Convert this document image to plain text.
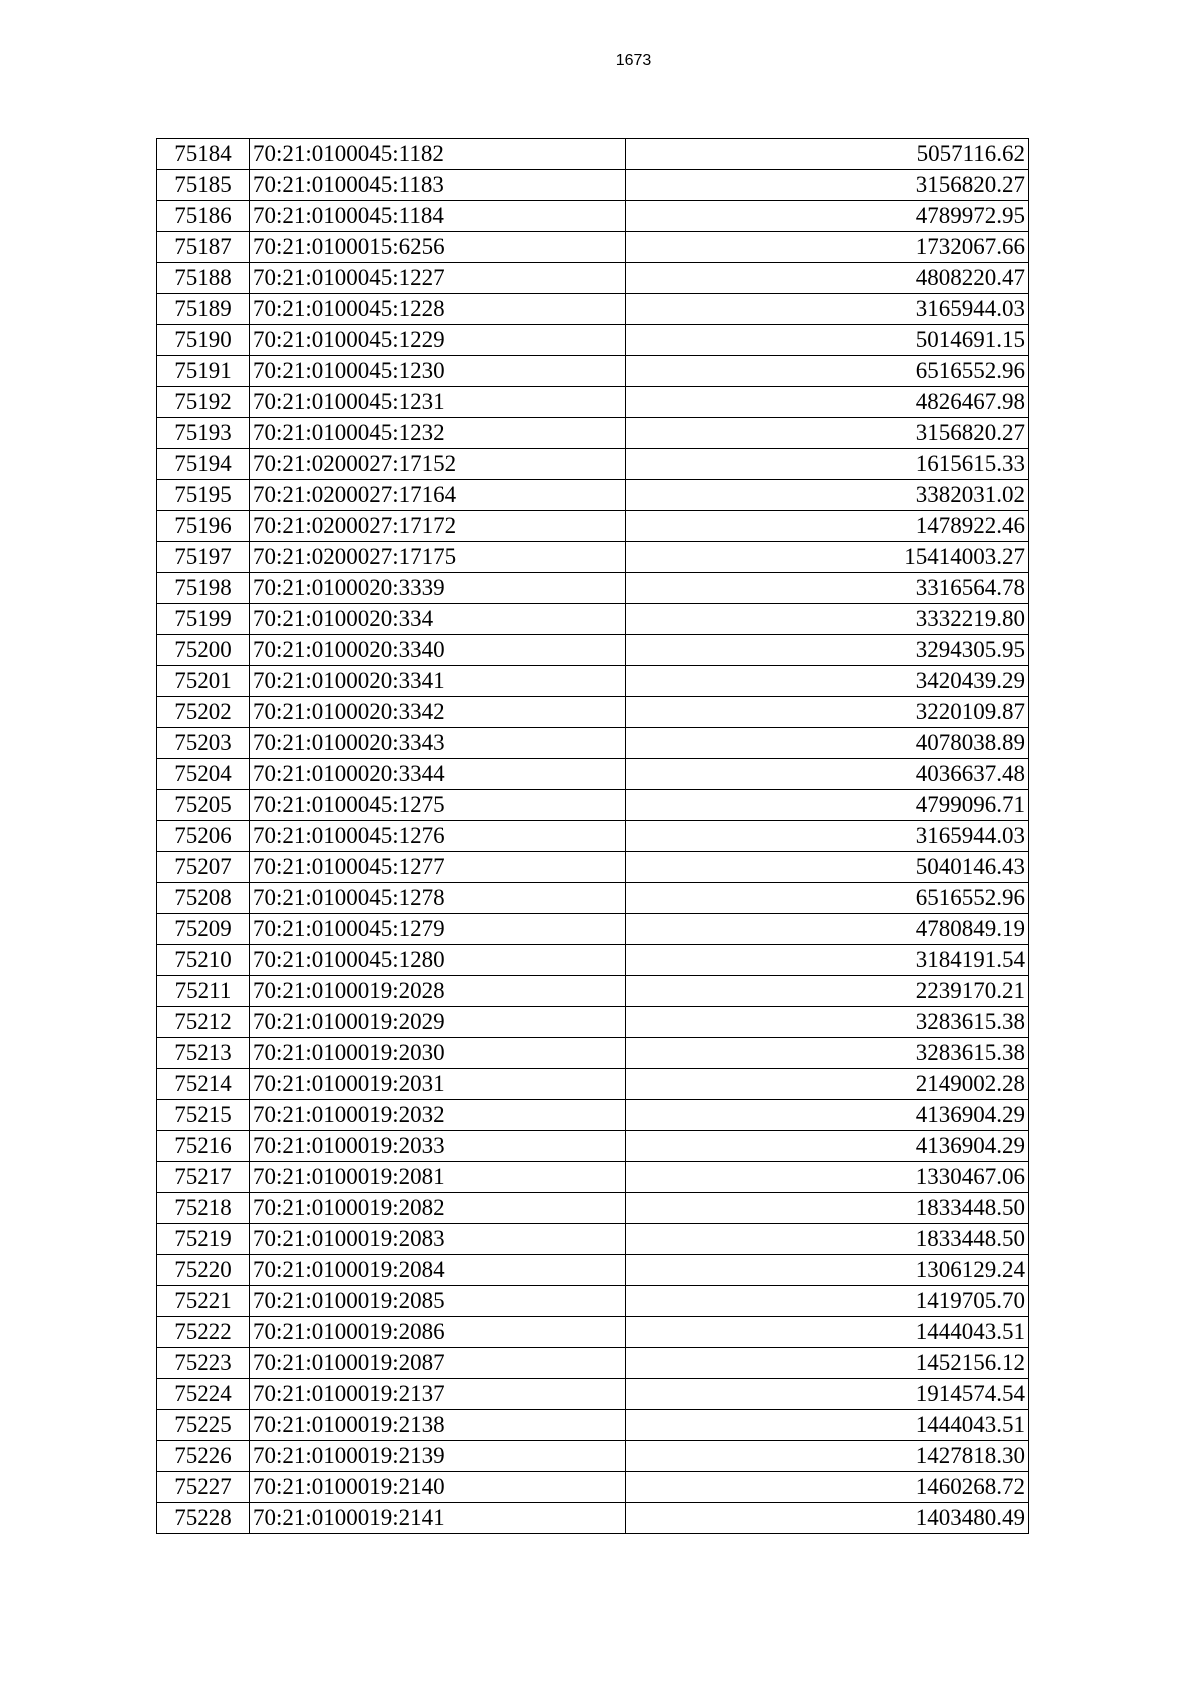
1673
75184	70:21:0100045:1182	5057116.62
75185	70:21:0100045:1183	3156820.27
75186	70:21:0100045:1184	4789972.95
75187	70:21:0100015:6256	1732067.66
75188	70:21:0100045:1227	4808220.47
75189	70:21:0100045:1228	3165944.03
75190	70:21:0100045:1229	5014691.15
75191	70:21:0100045:1230	6516552.96
75192	70:21:0100045:1231	4826467.98
75193	70:21:0100045:1232	3156820.27
75194	70:21:0200027:17152	1615615.33
75195	70:21:0200027:17164	3382031.02
75196	70:21:0200027:17172	1478922.46
75197	70:21:0200027:17175	15414003.27
75198	70:21:0100020:3339	3316564.78
75199	70:21:0100020:334	3332219.80
75200	70:21:0100020:3340	3294305.95
75201	70:21:0100020:3341	3420439.29
75202	70:21:0100020:3342	3220109.87
75203	70:21:0100020:3343	4078038.89
75204	70:21:0100020:3344	4036637.48
75205	70:21:0100045:1275	4799096.71
75206	70:21:0100045:1276	3165944.03
75207	70:21:0100045:1277	5040146.43
75208	70:21:0100045:1278	6516552.96
75209	70:21:0100045:1279	4780849.19
75210	70:21:0100045:1280	3184191.54
75211	70:21:0100019:2028	2239170.21
75212	70:21:0100019:2029	3283615.38
75213	70:21:0100019:2030	3283615.38
75214	70:21:0100019:2031	2149002.28
75215	70:21:0100019:2032	4136904.29
75216	70:21:0100019:2033	4136904.29
75217	70:21:0100019:2081	1330467.06
75218	70:21:0100019:2082	1833448.50
75219	70:21:0100019:2083	1833448.50
75220	70:21:0100019:2084	1306129.24
75221	70:21:0100019:2085	1419705.70
75222	70:21:0100019:2086	1444043.51
75223	70:21:0100019:2087	1452156.12
75224	70:21:0100019:2137	1914574.54
75225	70:21:0100019:2138	1444043.51
75226	70:21:0100019:2139	1427818.30
75227	70:21:0100019:2140	1460268.72
75228	70:21:0100019:2141	1403480.49
